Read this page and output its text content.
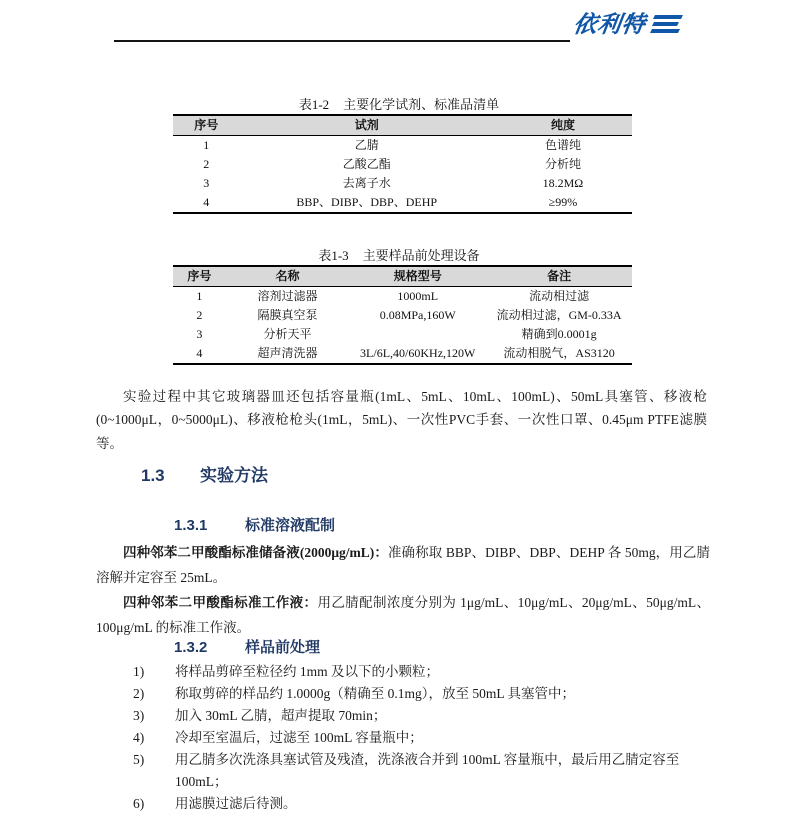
依利特
表1-2 主要化学试剂、标准品清单
序号	试剂	纯度
1	乙腈	色谱纯
2	乙酸乙酯	分析纯
3	去离子水	18.2MΩ
4	BBP、DIBP、DBP、DEHP	≥99%
表1-3 主要样品前处理设备
序号	名称	规格型号	备注
1	溶剂过滤器	1000mL	流动相过滤
2	隔膜真空泵	0.08MPa,160W	流动相过滤，GM-0.33A
3	分析天平		精确到0.0001g
4	超声清洗器	3L/6L,40/60KHz,120W	流动相脱气，AS3120

实验过程中其它玻璃器皿还包括容量瓶(1mL、5mL、10mL、100mL)、50mL具塞管、移液枪(0~1000μL，0~5000μL)、移液枪枪头(1mL，5mL)、一次性PVC手套、一次性口罩、0.45μm PTFE滤膜等。

1.3 实验方法
1.3.1	标准溶液配制

四种邻苯二甲酸酯标准储备液(2000μg/mL)：准确称取 BBP、DIBP、DBP、DEHP 各 50mg，用乙腈溶解并定容至 25mL。

四种邻苯二甲酸酯标准工作液：用乙腈配制浓度分别为 1μg/mL、10μg/mL、20μg/mL、50μg/mL、100μg/mL 的标准工作液。

1.3.2	样品前处理
1)	将样品剪碎至粒径约 1mm 及以下的小颗粒；
2)	称取剪碎的样品约 1.0000g（精确至 0.1mg），放至 50mL 具塞管中；
3)	加入 30mL 乙腈，超声提取 70min；
4)	冷却至室温后，过滤至 100mL 容量瓶中；
5)	用乙腈多次洗涤具塞试管及残渣，洗涤液合并到 100mL 容量瓶中，最后用乙腈定容至 100mL；
6)	用滤膜过滤后待测。
